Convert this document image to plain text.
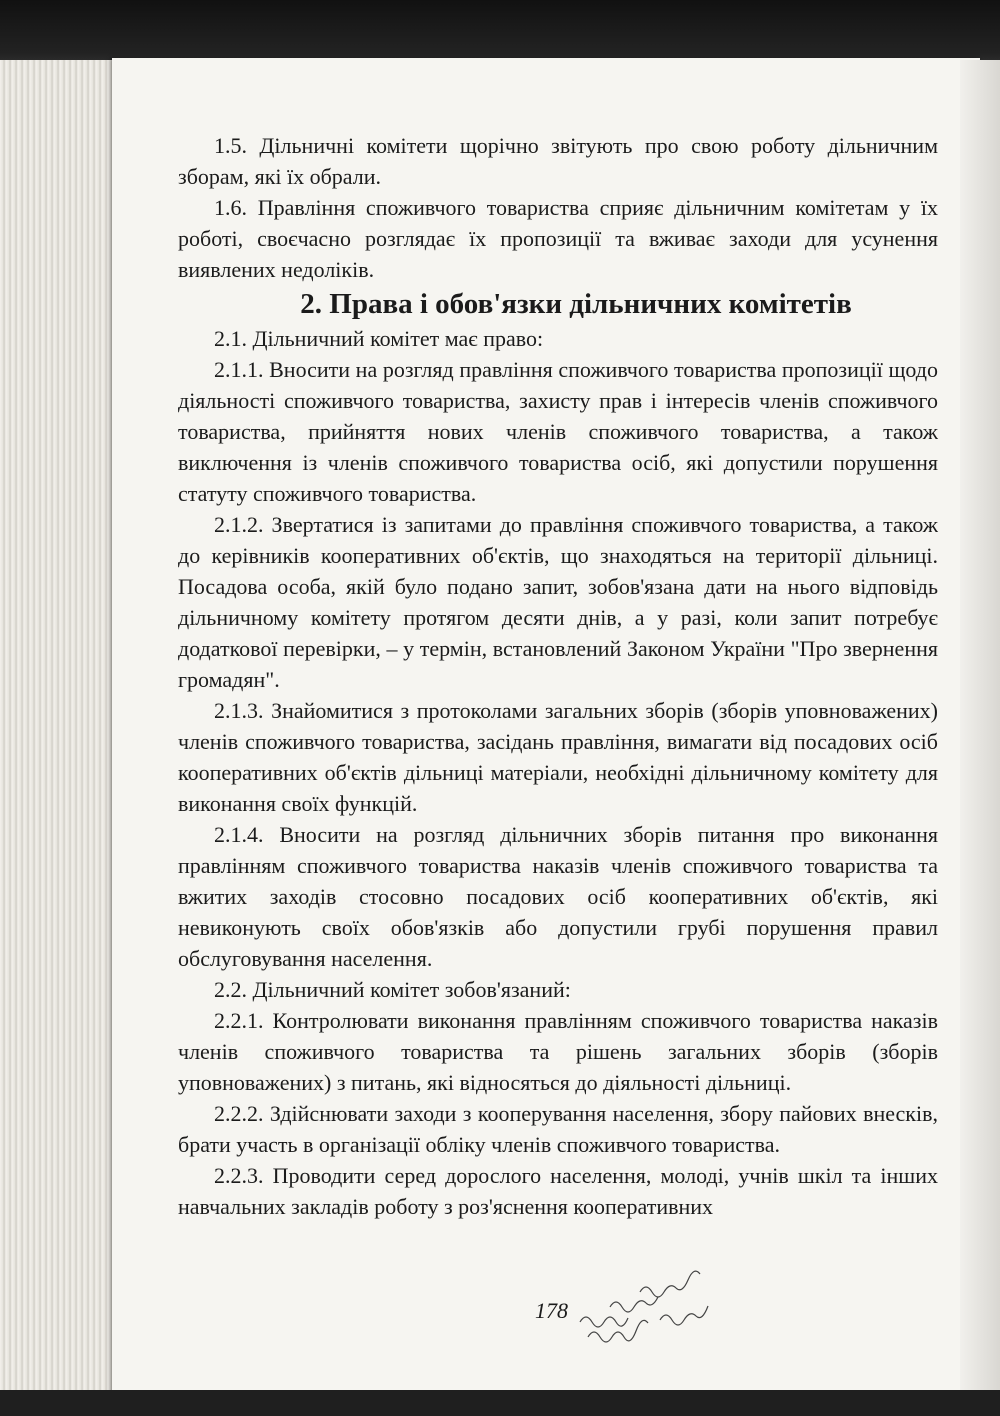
1.5. Дільничні комітети щорічно звітують про свою роботу дільничним зборам, які їх обрали.

1.6. Правління споживчого товариства сприяє дільничним комітетам у їх роботі, своєчасно розглядає їх пропозиції та вживає заходи для усунення виявлених недоліків.

2. Права і обов'язки дільничних комітетів

2.1. Дільничний комітет має право:

2.1.1. Вносити на розгляд правління споживчого товариства пропозиції щодо діяльності споживчого товариства, захисту прав і інтересів членів споживчого товариства, прийняття нових членів споживчого товариства, а також виключення із членів споживчого товариства осіб, які допустили порушення статуту споживчого товариства.

2.1.2. Звертатися із запитами до правління споживчого товариства, а також до керівників кооперативних об'єктів, що знаходяться на території дільниці. Посадова особа, якій було подано запит, зобов'язана дати на нього відповідь дільничному комітету протягом десяти днів, а у разі, коли запит потребує додаткової перевірки, – у термін, встановлений Законом України "Про звернення громадян".

2.1.3. Знайомитися з протоколами загальних зборів (зборів уповноважених) членів споживчого товариства, засідань правління, вимагати від посадових осіб кооперативних об'єктів дільниці матеріали, необхідні дільничному комітету для виконання своїх функцій.

2.1.4. Вносити на розгляд дільничних зборів питання про виконання правлінням споживчого товариства наказів членів споживчого товариства та вжитих заходів стосовно посадових осіб кооперативних об'єктів, які невиконують своїх обов'язків або допустили грубі порушення правил обслуговування населення.

2.2. Дільничний комітет зобов'язаний:

2.2.1. Контролювати виконання правлінням споживчого товариства наказів членів споживчого товариства та рішень загальних зборів (зборів уповноважених) з питань, які відносяться до діяльності дільниці.

2.2.2. Здійснювати заходи з кооперування населення, збору пайових внесків, брати участь в організації обліку членів споживчого товариства.

2.2.3. Проводити серед дорослого населення, молоді, учнів шкіл та інших навчальних закладів роботу з роз'яснення кооперативних

178
